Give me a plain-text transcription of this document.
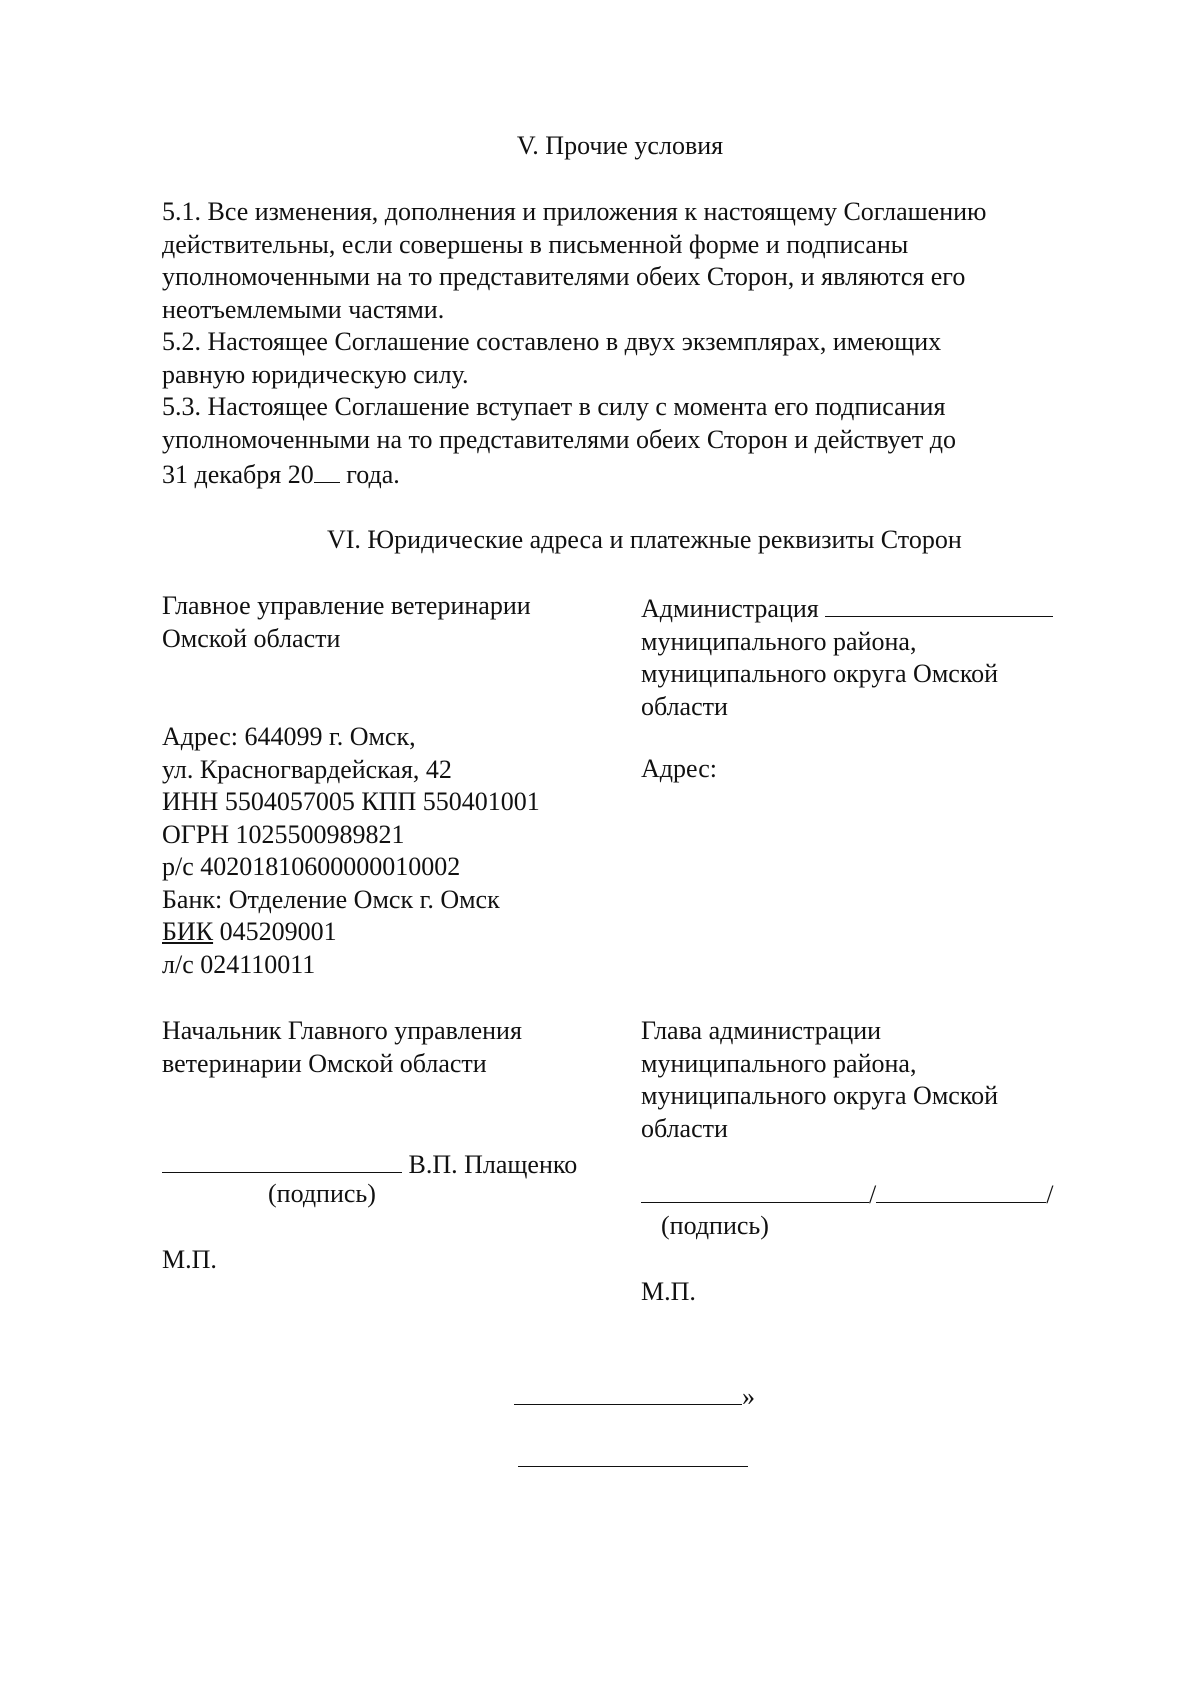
V. Прочие условия
5.1. Все изменения, дополнения и приложения к настоящему Соглашению
действительны, если совершены в письменной форме и подписаны
уполномоченными на то представителями обеих Сторон, и являются его
неотъемлемыми частями.
5.2. Настоящее Соглашение составлено в двух экземплярах, имеющих
равную юридическую силу.
5.3. Настоящее Соглашение вступает в силу с момента его подписания
уполномоченными на то представителями обеих Сторон и действует до
31 декабря 20 года.
VI. Юридические адреса и платежные реквизиты Сторон
Главное управление ветеринарии
Омской области
Адрес: 644099 г. Омск,
ул. Красногвардейская, 42
ИНН 5504057005 КПП 550401001
ОГРН 1025500989821
р/с 40201810600000010002
Банк: Отделение Омск г. Омск
БИК 045209001
л/с 024110011
Начальник Главного управления
ветеринарии Омской области
В.П. Плащенко
(подпись)
М.П.
Администрация
муниципального района,
муниципального округа Омской
области
Адрес:
Глава администрации
муниципального района,
муниципального округа Омской
области
/	/
(подпись)
М.П.
»
